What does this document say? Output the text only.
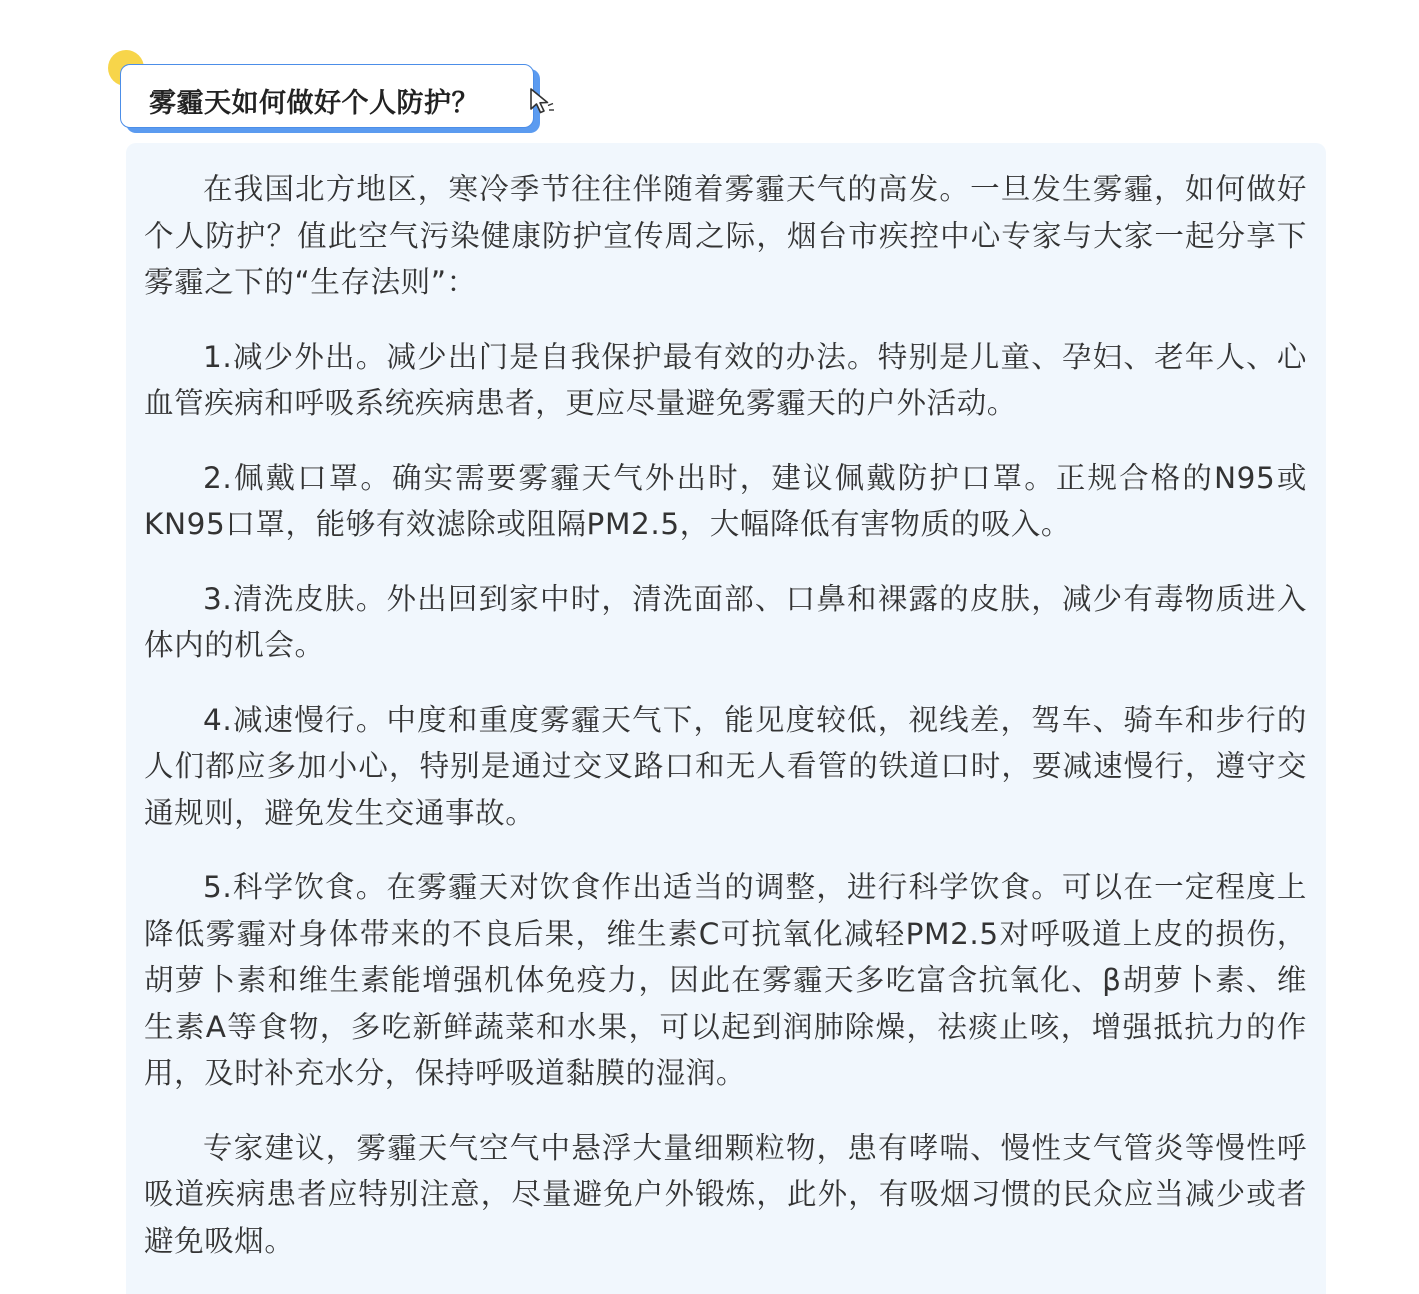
雾霾天如何做好个人防护？

在我国北方地区，寒冷季节往往伴随着雾霾天气的高发。一旦发生雾霾，如何做好个人防护？值此空气污染健康防护宣传周之际，烟台市疾控中心专家与大家一起分享下雾霾之下的“生存法则”：

1.减少外出。减少出门是自我保护最有效的办法。特别是儿童、孕妇、老年人、心血管疾病和呼吸系统疾病患者，更应尽量避免雾霾天的户外活动。

2.佩戴口罩。确实需要雾霾天气外出时，建议佩戴防护口罩。正规合格的N95或KN95口罩，能够有效滤除或阻隔PM2.5，大幅降低有害物质的吸入。

3.清洗皮肤。外出回到家中时，清洗面部、口鼻和裸露的皮肤，减少有毒物质进入体内的机会。

4.减速慢行。中度和重度雾霾天气下，能见度较低，视线差，驾车、骑车和步行的人们都应多加小心，特别是通过交叉路口和无人看管的铁道口时，要减速慢行，遵守交通规则，避免发生交通事故。

5.科学饮食。在雾霾天对饮食作出适当的调整，进行科学饮食。可以在一定程度上降低雾霾对身体带来的不良后果，维生素C可抗氧化减轻PM2.5对呼吸道上皮的损伤，胡萝卜素和维生素能增强机体免疫力，因此在雾霾天多吃富含抗氧化、β胡萝卜素、维生素A等食物，多吃新鲜蔬菜和水果，可以起到润肺除燥，祛痰止咳，增强抵抗力的作用，及时补充水分，保持呼吸道黏膜的湿润。

专家建议，雾霾天气空气中悬浮大量细颗粒物，患有哮喘、慢性支气管炎等慢性呼吸道疾病患者应特别注意，尽量避免户外锻炼，此外，有吸烟习惯的民众应当减少或者避免吸烟。
